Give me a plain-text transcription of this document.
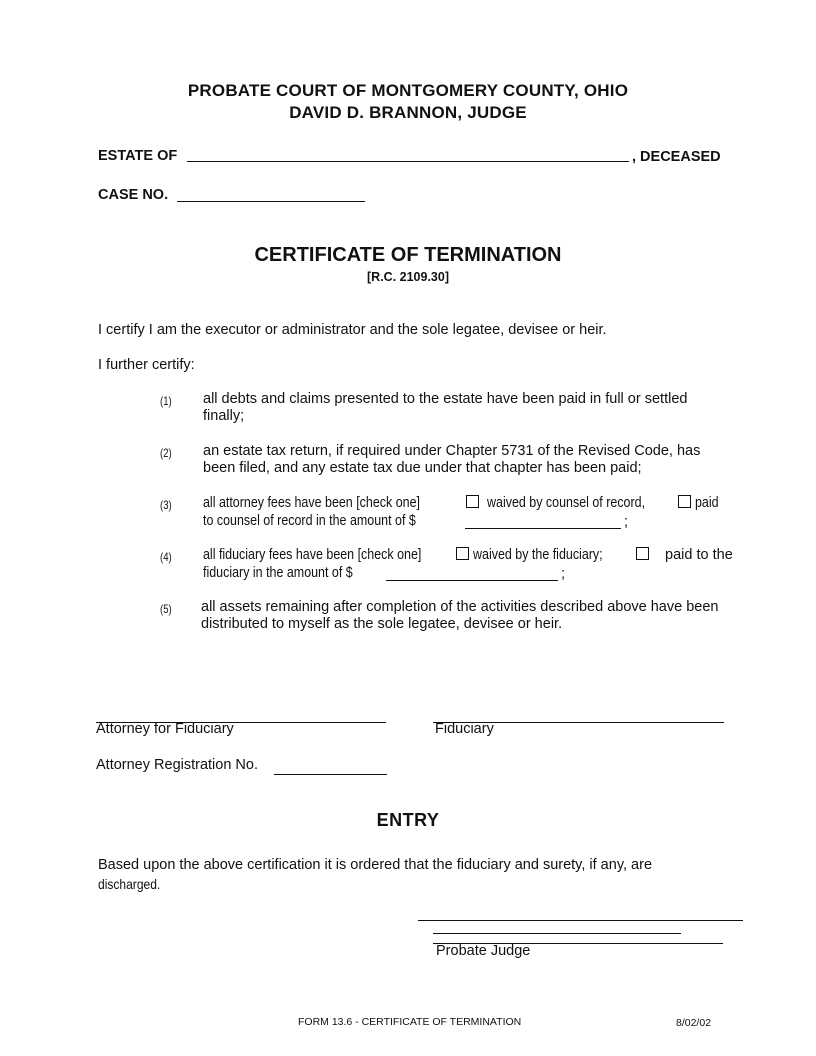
PROBATE COURT OF MONTGOMERY COUNTY, OHIO
DAVID D. BRANNON, JUDGE
ESTATE OF	, DECEASED
CASE NO.
CERTIFICATE OF TERMINATION
[R.C. 2109.30]
I certify I am the executor or administrator and the sole legatee, devisee or heir.
I further certify:
(1) all debts and claims presented to the estate have been paid in full or settled
finally;
(2) an estate tax return, if required under Chapter 5731 of the Revised Code, has
been filed, and any estate tax due under that chapter has been paid;
(3) all attorney fees have been [check one]
to counsel of record in the amount of $
waived by counsel of record,	paid
;
(4) all fiduciary fees have been [check one]
fiduciary in the amount of $
waived by the fiduciary;	paid to the
;
(5) all assets remaining after completion of the activities described above have been
distributed to myself as the sole legatee, devisee or heir.
Attorney for Fiduciary	Fiduciary
Attorney Registration No.
ENTRY
Based upon the above certification it is ordered that the fiduciary and surety, if any, are
discharged.
Probate Judge
FORM 13.6 - CERTIFICATE OF TERMINATION	8/02/02
